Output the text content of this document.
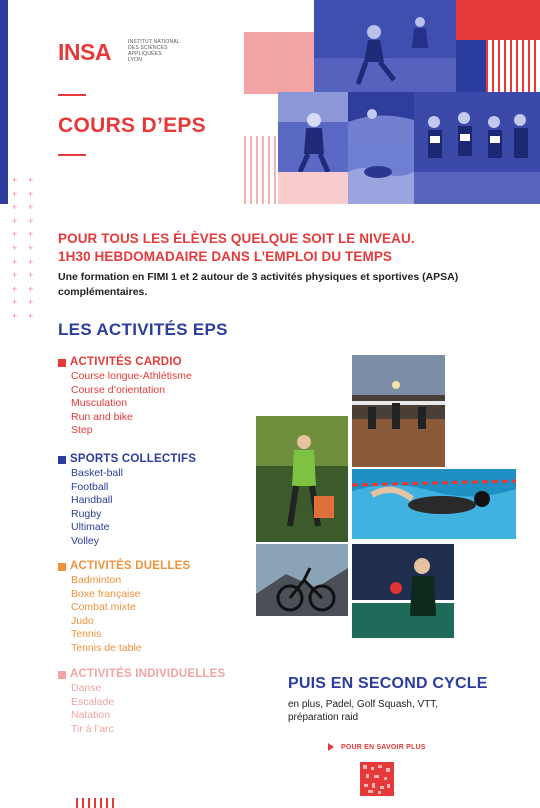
INSA	INSTITUT NATIONAL
DES SCIENCES
APPLIQUÉES
LYON
COURS D’EPS
+ +
+ +
+ +
+ +
+ +
+ +
+ +
+ +
+ +
+ +
+ +
POUR TOUS LES ÉLÈVES QUELQUE SOIT LE NIVEAU.
1H30 HEBDOMADAIRE DANS L’EMPLOI DU TEMPS
Une formation en FIMI 1 et 2 autour de 3 activités physiques et sportives (APSA) complémentaires.
LES ACTIVITÉS EPS
ACTIVITÉS CARDIO
Course longue-Athlétisme
Course d’orientation
Musculation
Run and bike
Step
SPORTS COLLECTIFS
Basket-ball
Football
Handball
Rugby
Ultimate
Volley
ACTIVITÉS DUELLES
Badminton
Boxe française
Combat mixte
Judo
Tennis
Tennis de table
ACTIVITÉS INDIVIDUELLES
Danse
Escalade
Natation
Tir à l’arc
PUIS EN SECOND CYCLE
en plus, Padel, Golf Squash, VTT, préparation raid
POUR EN SAVOIR PLUS
